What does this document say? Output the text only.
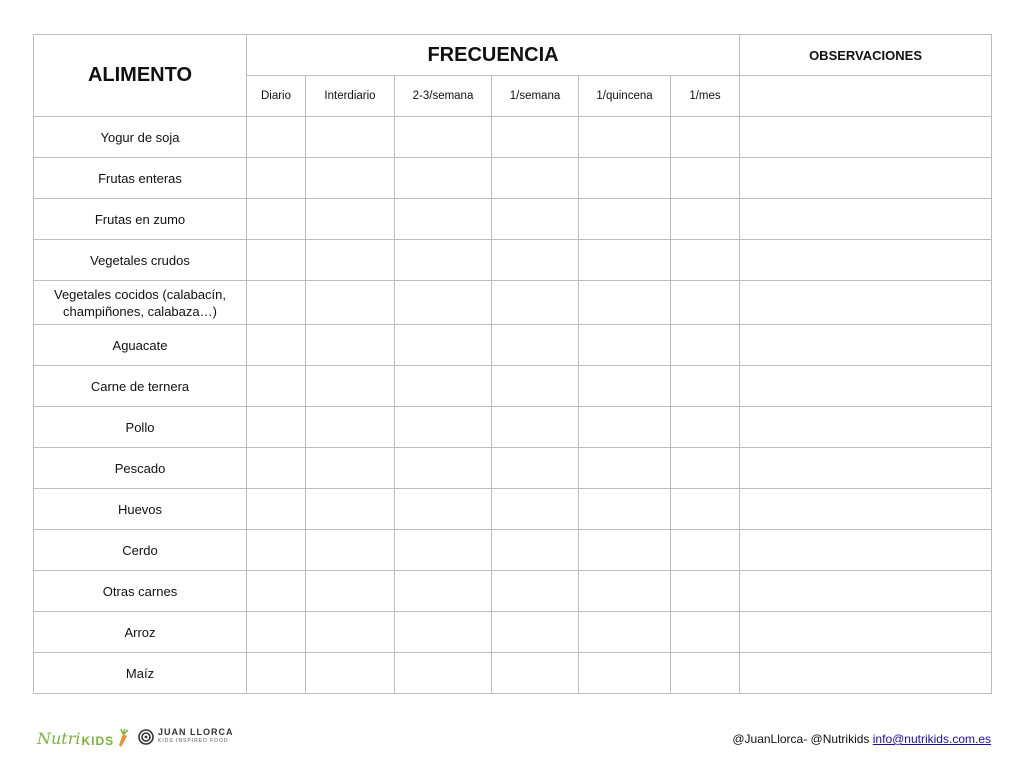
ALIMENTO	FRECUENCIA						OBSERVACIONES
	Diario	Interdiario	2-3/semana	1/semana	1/quincena	1/mes	
Yogur de soja							
Frutas enteras							
Frutas en zumo							
Vegetales crudos							
Vegetales cocidos (calabacín, champiñones, calabaza…)							
Aguacate							
Carne de ternera							
Pollo							
Pescado							
Huevos							
Cerdo							
Otras carnes							
Arroz							
Maíz							
Nutri KIDS
JUAN LLORCA
KIDS INSPIRED FOOD	@JuanLlorca- @Nutrikids info@nutrikids.com.es
